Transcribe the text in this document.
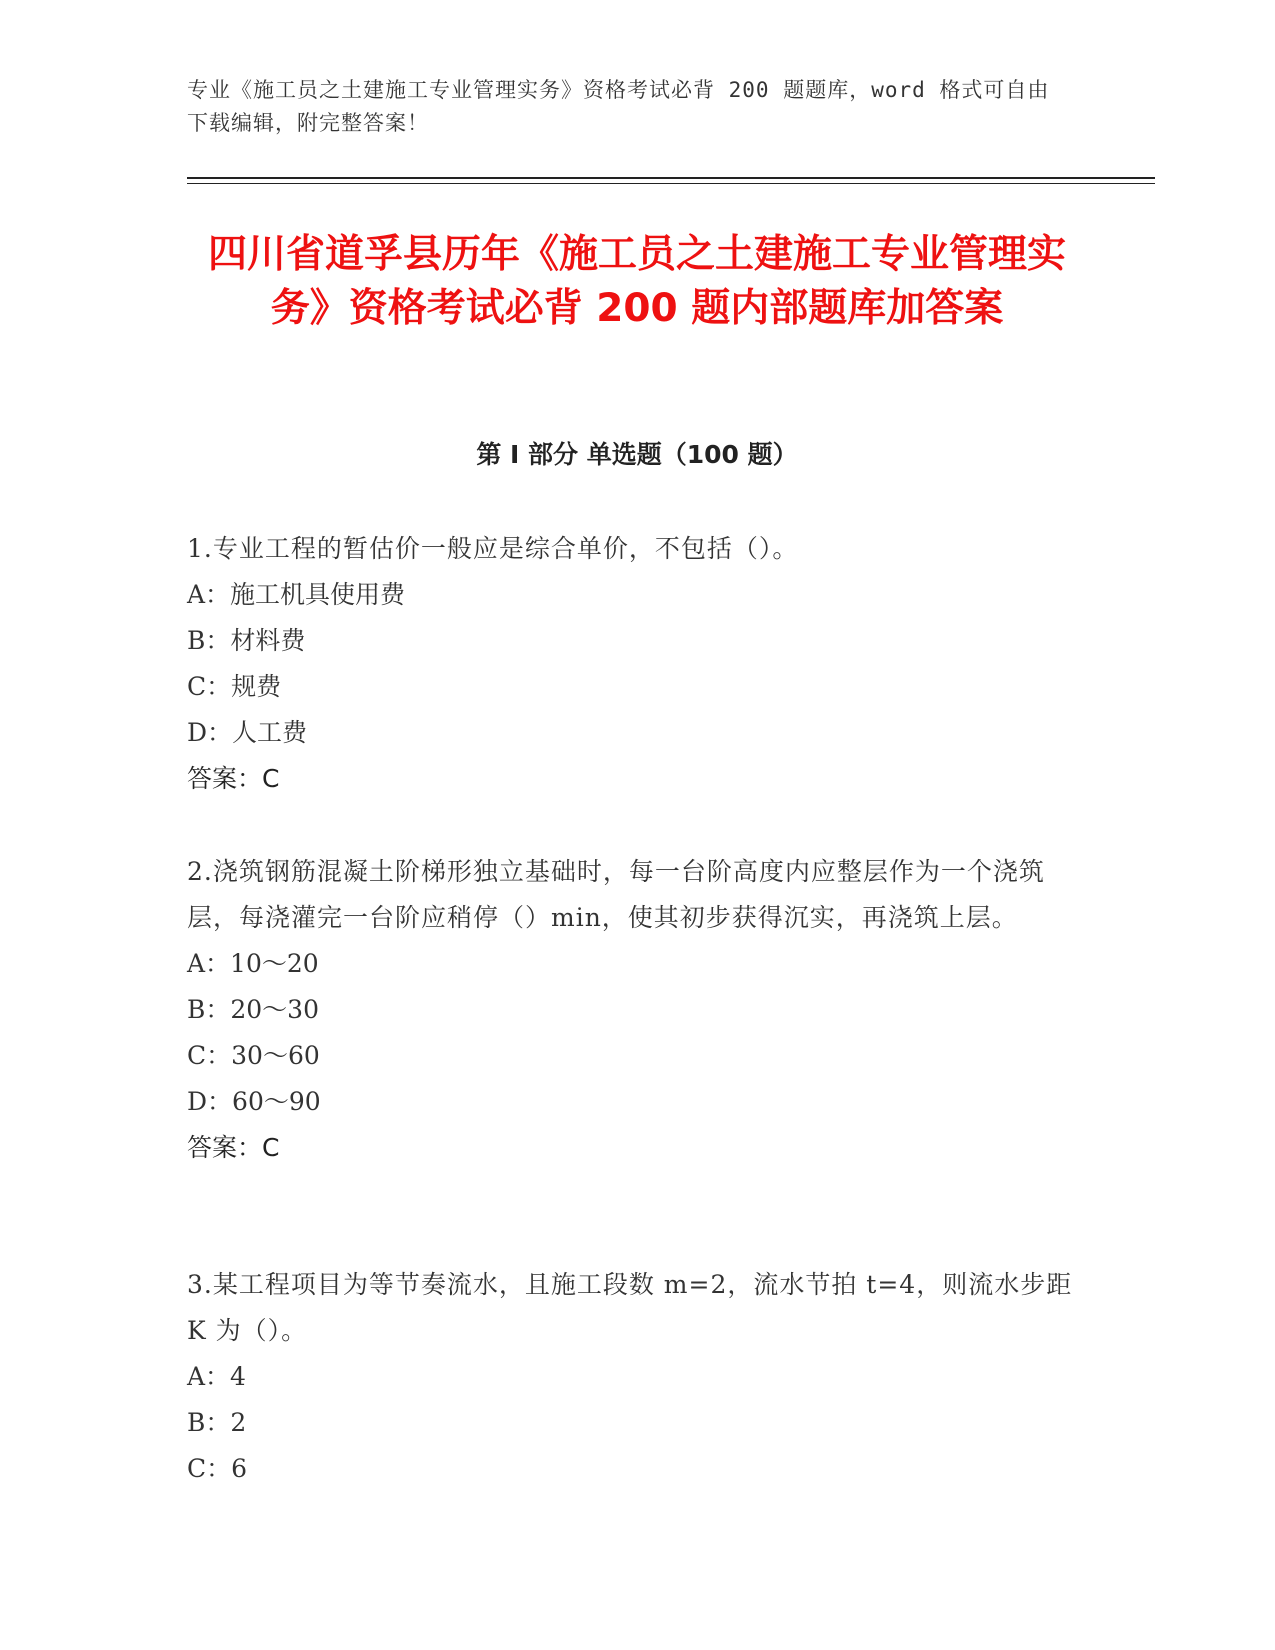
专业《施工员之土建施工专业管理实务》资格考试必背 200 题题库，word 格式可自由下载编辑，附完整答案！
四川省道孚县历年《施工员之土建施工专业管理实务》资格考试必背 200 题内部题库加答案
第 I 部分 单选题（100 题）
1.专业工程的暂估价一般应是综合单价，不包括（）。
A：施工机具使用费
B：材料费
C：规费
D：人工费
答案：C
2.浇筑钢筋混凝土阶梯形独立基础时，每一台阶高度内应整层作为一个浇筑层，每浇灌完一台阶应稍停（）min，使其初步获得沉实，再浇筑上层。
A：10～20
B：20～30
C：30～60
D：60～90
答案：C
3.某工程项目为等节奏流水，且施工段数 m=2，流水节拍 t=4，则流水步距 K 为（）。
A：4
B：2
C：6
